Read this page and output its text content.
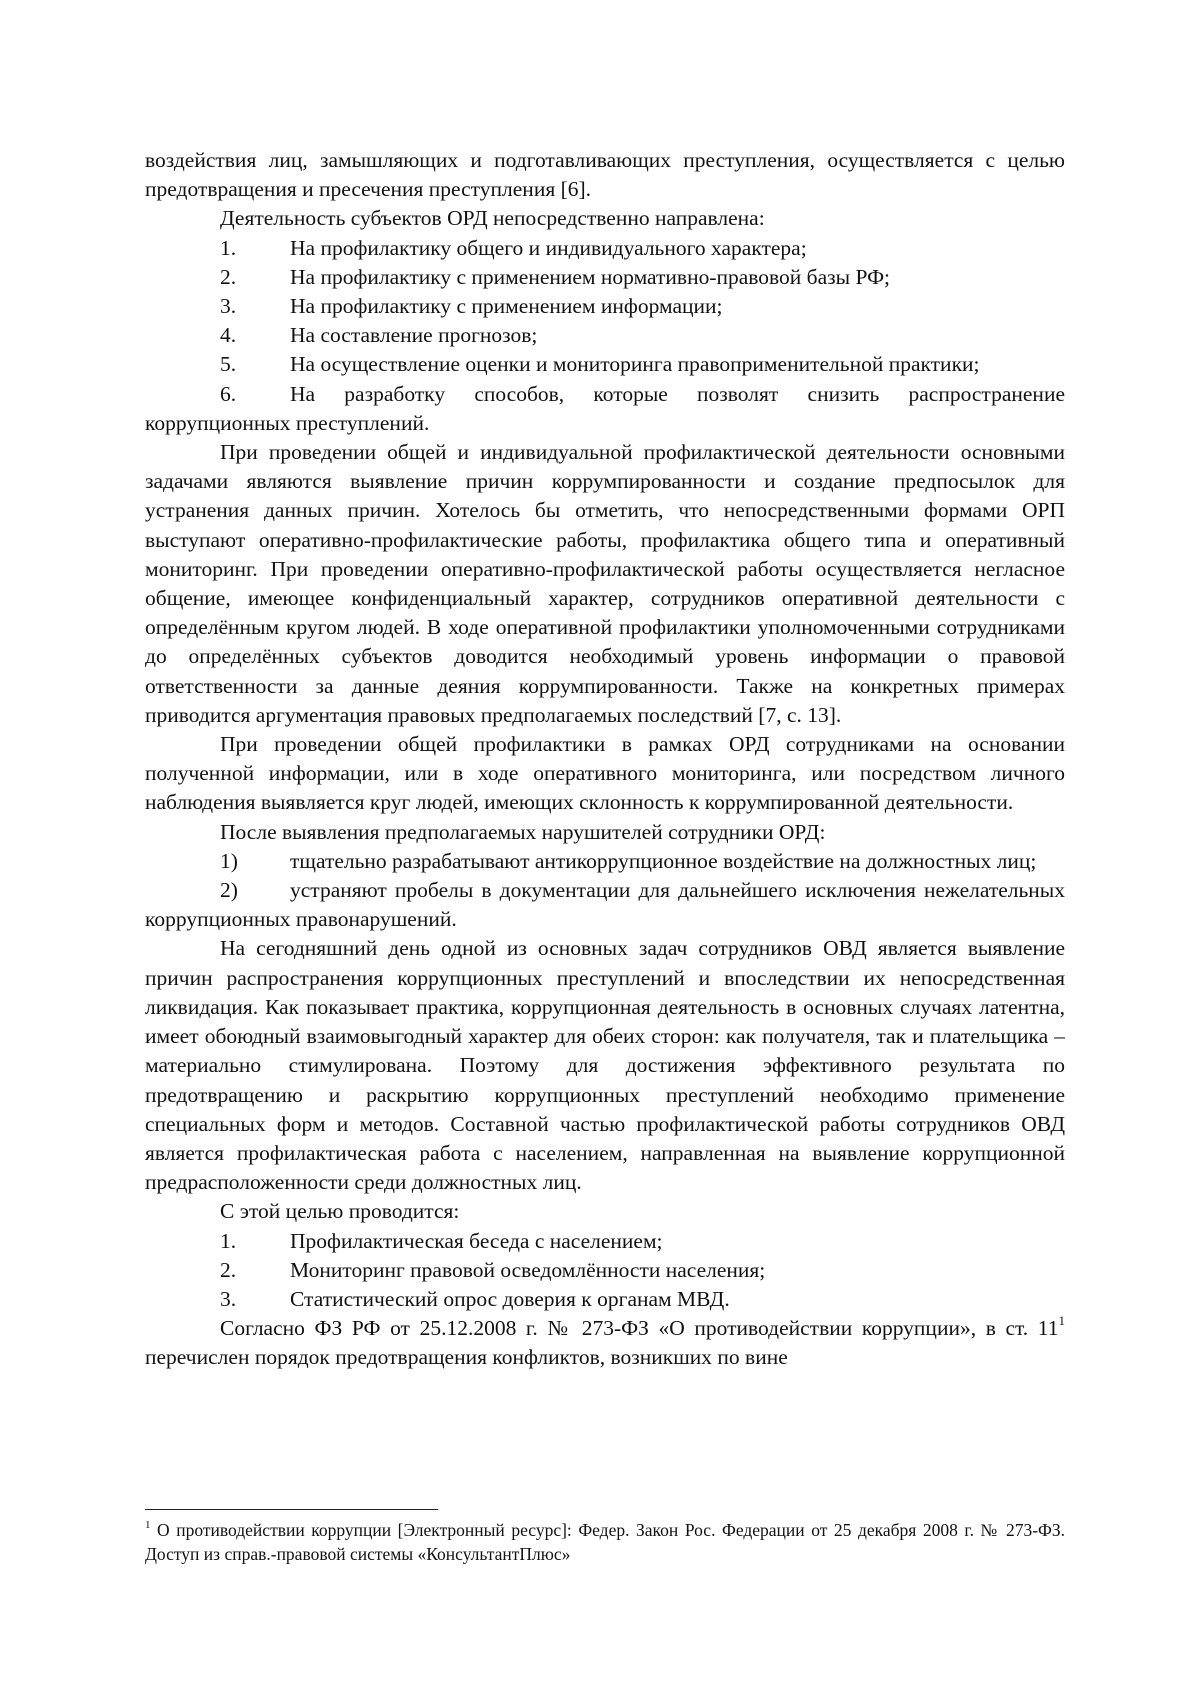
воздействия лиц, замышляющих и подготавливающих преступления, осуществляется с целью предотвращения и пресечения преступления [6].

Деятельность субъектов ОРД непосредственно направлена:

1.	На профилактику общего и индивидуального характера;

2.	На профилактику с применением нормативно-правовой базы РФ;

3.	На профилактику с применением информации;

4.	На составление прогнозов;

5.	На осуществление оценки и мониторинга правоприменительной практики;

6.	На разработку способов, которые позволят снизить распространение коррупционных преступлений.

При проведении общей и индивидуальной профилактической деятельности основными задачами являются выявление причин коррумпированности и создание предпосылок для устранения данных причин. Хотелось бы отметить, что непосредственными формами ОРП выступают оперативно-профилактические работы, профилактика общего типа и оперативный мониторинг. При проведении оперативно-профилактической работы осуществляется негласное общение, имеющее конфиденциальный характер, сотрудников оперативной деятельности с определённым кругом людей. В ходе оперативной профилактики уполномоченными сотрудниками до определённых субъектов доводится необходимый уровень информации о правовой ответственности за данные деяния коррумпированности. Также на конкретных примерах приводится аргументация правовых предполагаемых последствий [7, с. 13].

При проведении общей профилактики в рамках ОРД сотрудниками на основании полученной информации, или в ходе оперативного мониторинга, или посредством личного наблюдения выявляется круг людей, имеющих склонность к коррумпированной деятельности.

После выявления предполагаемых нарушителей сотрудники ОРД:

1) тщательно разрабатывают антикоррупционное воздействие на должностных лиц;

2) устраняют пробелы в документации для дальнейшего исключения нежелательных коррупционных правонарушений.

На сегодняшний день одной из основных задач сотрудников ОВД является выявление причин распространения коррупционных преступлений и впоследствии их непосредственная ликвидация. Как показывает практика, коррупционная деятельность в основных случаях латентна, имеет обоюдный взаимовыгодный характер для обеих сторон: как получателя, так и плательщика – материально стимулирована. Поэтому для достижения эффективного результата по предотвращению и раскрытию коррупционных преступлений необходимо применение специальных форм и методов. Составной частью профилактической работы сотрудников ОВД является профилактическая работа с населением, направленная на выявление коррупционной предрасположенности среди должностных лиц.

С этой целью проводится:

1.	Профилактическая беседа с населением;

2.	Мониторинг правовой осведомлённости населения;

3.	Статистический опрос доверия к органам МВД.

Согласно ФЗ РФ от 25.12.2008 г. № 273-ФЗ «О противодействии коррупции», в ст. $11^1$ перечислен порядок предотвращения конфликтов, возникших по вине

$^1$ О противодействии коррупции [Электронный ресурс]: Федер. Закон Рос. Федерации от 25 декабря 2008 г. № 273-ФЗ. Доступ из справ.-правовой системы «КонсультантПлюс»
